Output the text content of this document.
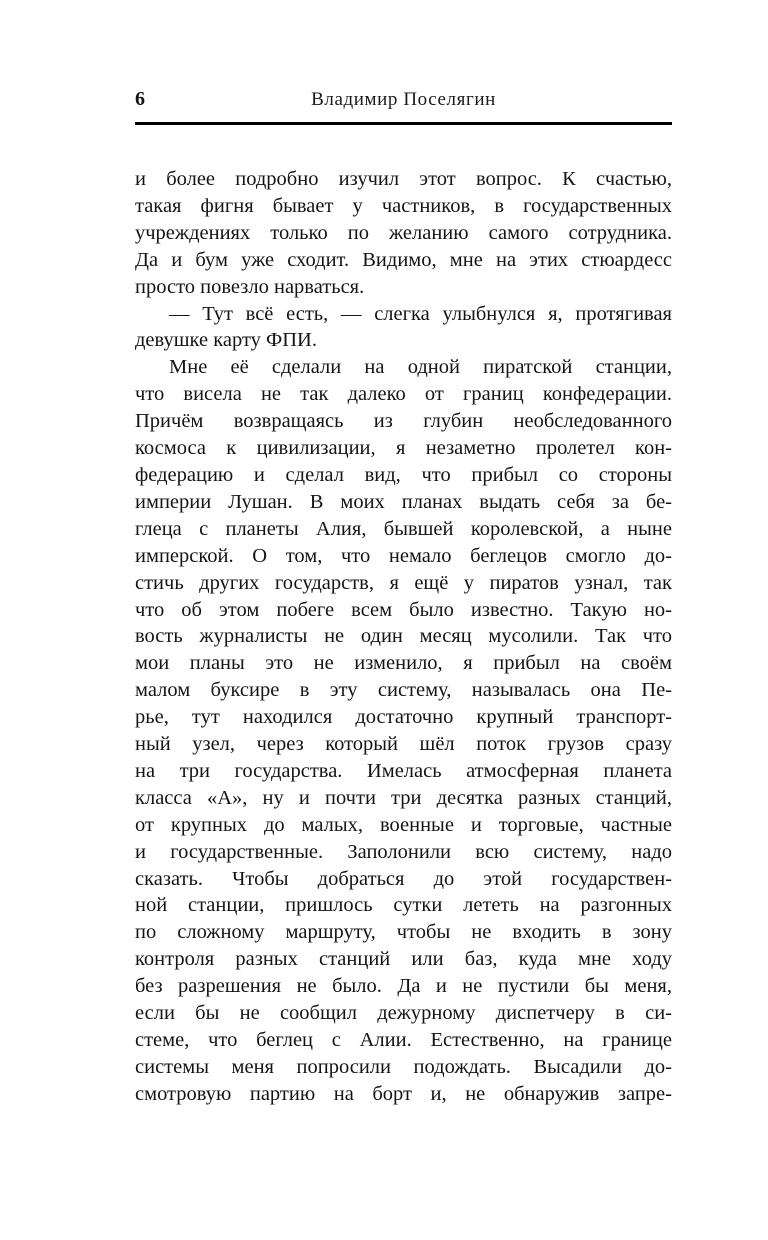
6	Владимир Поселягин
и более подробно изучил этот вопрос. К счастью,
такая фигня бывает у частников, в государственных
учреждениях только по желанию самого сотрудника.
Да и бум уже сходит. Видимо, мне на этих стюардесс
просто повезло нарваться.
— Тут всё есть, — слегка улыбнулся я, протягивая
девушке карту ФПИ.
Мне её сделали на одной пиратской станции,
что висела не так далеко от границ конфедерации.
Причём возвращаясь из глубин необследованного
космоса к цивилизации, я незаметно пролетел кон-
федерацию и сделал вид, что прибыл со стороны
империи Лушан. В моих планах выдать себя за бе-
глеца с планеты Алия, бывшей королевской, а ныне
имперской. О том, что немало беглецов смогло до-
стичь других государств, я ещё у пиратов узнал, так
что об этом побеге всем было известно. Такую но-
вость журналисты не один месяц мусолили. Так что
мои планы это не изменило, я прибыл на своём
малом буксире в эту систему, называлась она Пе-
рье, тут находился достаточно крупный транспорт-
ный узел, через который шёл поток грузов сразу
на три государства. Имелась атмосферная планета
класса «А», ну и почти три десятка разных станций,
от крупных до малых, военные и торговые, частные
и государственные. Заполонили всю систему, надо
сказать. Чтобы добраться до этой государствен-
ной станции, пришлось сутки лететь на разгонных
по сложному маршруту, чтобы не входить в зону
контроля разных станций или баз, куда мне ходу
без разрешения не было. Да и не пустили бы меня,
если бы не сообщил дежурному диспетчеру в си-
стеме, что беглец с Алии. Естественно, на границе
системы меня попросили подождать. Высадили до-
смотровую партию на борт и, не обнаружив запре-
